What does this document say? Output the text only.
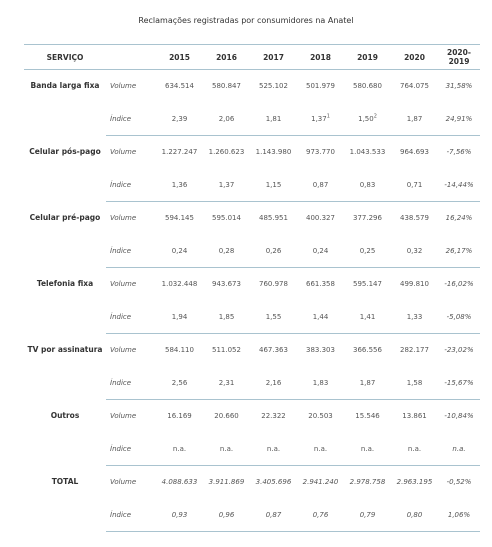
Reclamações registradas por consumidores na Anatel
SERVIÇO		2015	2016	2017	2018	2019	2020	2020-2019
Banda larga fixa	Volume	634.514	580.847	525.102	501.979	580.680	764.075	31,58%
	Índice	2,39	2,06	1,81	1,37$^1$	1,50$^2$	1,87	24,91%
Celular pós-pago	Volume	1.227.247	1.260.623	1.143.980	973.770	1.043.533	964.693	-7,56%
	Índice	1,36	1,37	1,15	0,87	0,83	0,71	-14,44%
Celular pré-pago	Volume	594.145	595.014	485.951	400.327	377.296	438.579	16,24%
	Índice	0,24	0,28	0,26	0,24	0,25	0,32	26,17%
Telefonia fixa	Volume	1.032.448	943.673	760.978	661.358	595.147	499.810	-16,02%
	Índice	1,94	1,85	1,55	1,44	1,41	1,33	-5,08%
TV por assinatura	Volume	584.110	511.052	467.363	383.303	366.556	282.177	-23,02%
	Índice	2,56	2,31	2,16	1,83	1,87	1,58	-15,67%
Outros	Volume	16.169	20.660	22.322	20.503	15.546	13.861	-10,84%
	Índice	n.a.	n.a.	n.a.	n.a.	n.a.	n.a.	n.a.
TOTAL	Volume	4.088.633	3.911.869	3.405.696	2.941.240	2.978.758	2.963.195	-0,52%
	Índice	0,93	0,96	0,87	0,76	0,79	0,80	1,06%
